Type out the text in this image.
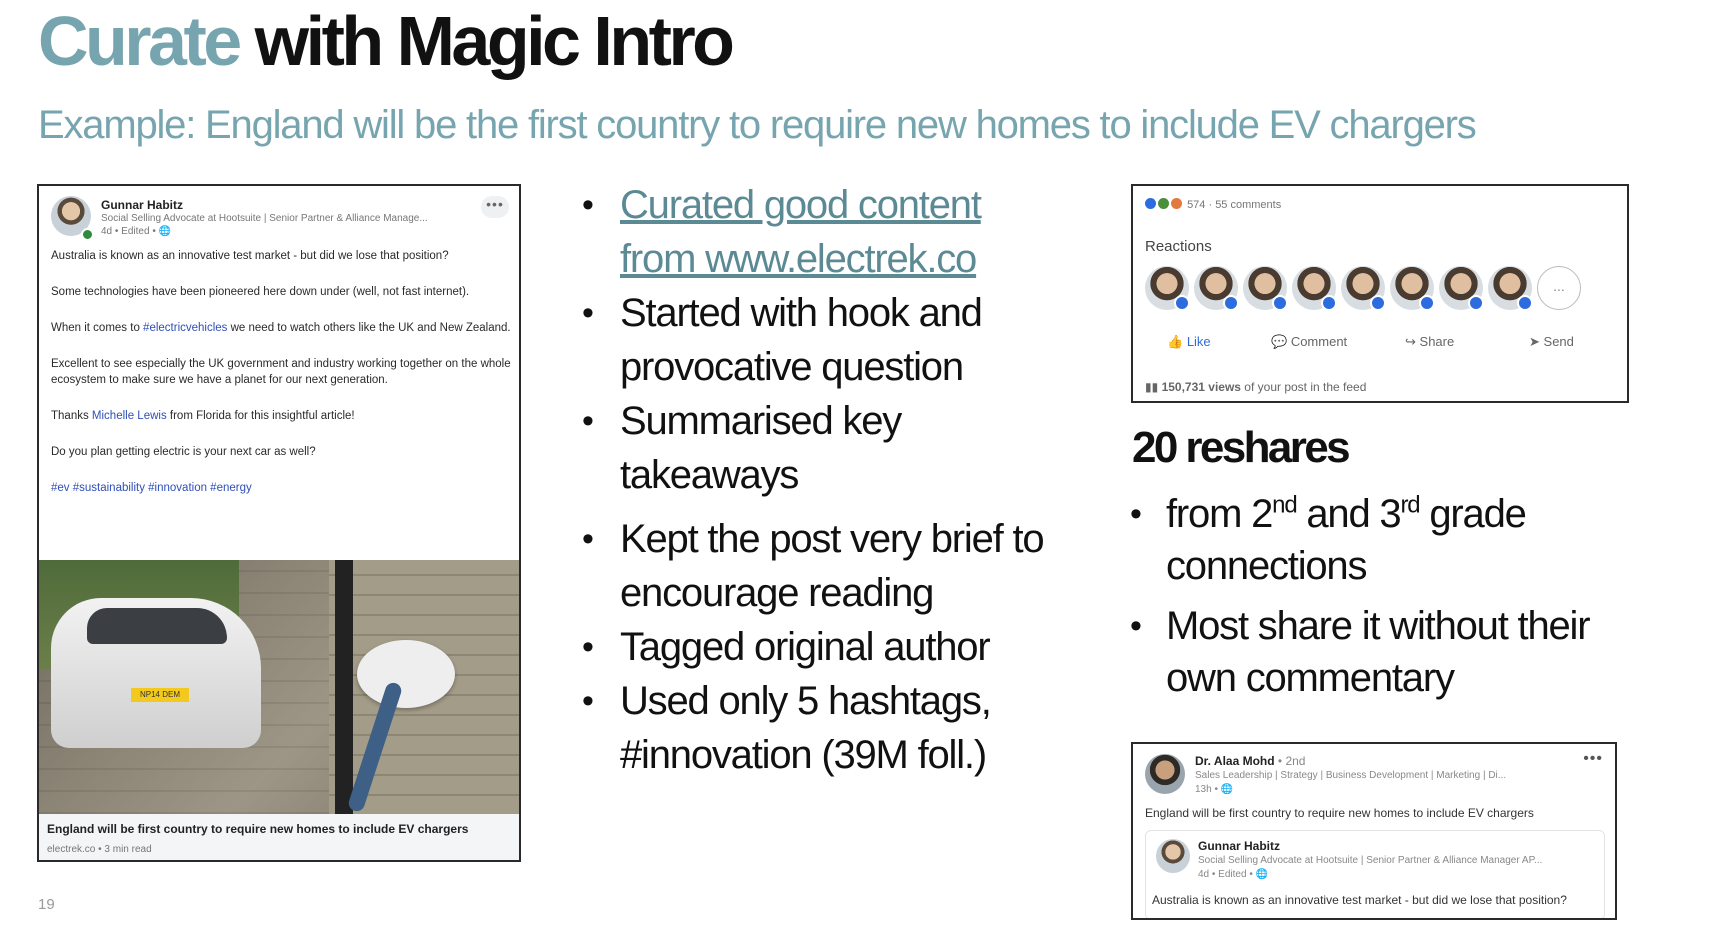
Curate with Magic Intro
Example: England will be the first country to require new homes to include EV chargers
Gunnar Habitz
Social Selling Advocate at Hootsuite | Senior Partner & Alliance Manage...
4d • Edited • 🌐
•••

Australia is known as an innovative test market - but did we lose that position?

Some technologies have been pioneered here down under (well, not fast internet).

When it comes to #electricvehicles we need to watch others like the UK and New Zealand.

Excellent to see especially the UK government and industry working together on the whole ecosystem to make sure we have a planet for our next generation.

Thanks Michelle Lewis from Florida for this insightful article!

Do you plan getting electric is your next car as well?

#ev #sustainability #innovation #energy

NP14 DEM
England will be first country to require new homes to include EV chargers
electrek.co • 3 min read
• Curated good content
from www.electrek.co
• Started with hook and provocative question
• Summarised key takeaways
• Kept the post very brief to encourage reading
• Tagged original author
• Used only 5 hashtags, #innovation (39M foll.)
574 · 55 comments
Reactions
...
👍 Like	💬 Comment	↪ Share	➤ Send
▮▮ 150,731 views of your post in the feed
20 reshares
• from 2nd and 3rd grade connections
• Most share it without their own commentary
Dr. Alaa Mohd • 2nd
Sales Leadership | Strategy | Business Development | Marketing | Di...
13h • 🌐
•••
England will be first country to require new homes to include EV chargers
Gunnar Habitz
Social Selling Advocate at Hootsuite | Senior Partner & Alliance Manager AP...
4d • Edited • 🌐
Australia is known as an innovative test market - but did we lose that position?
19
